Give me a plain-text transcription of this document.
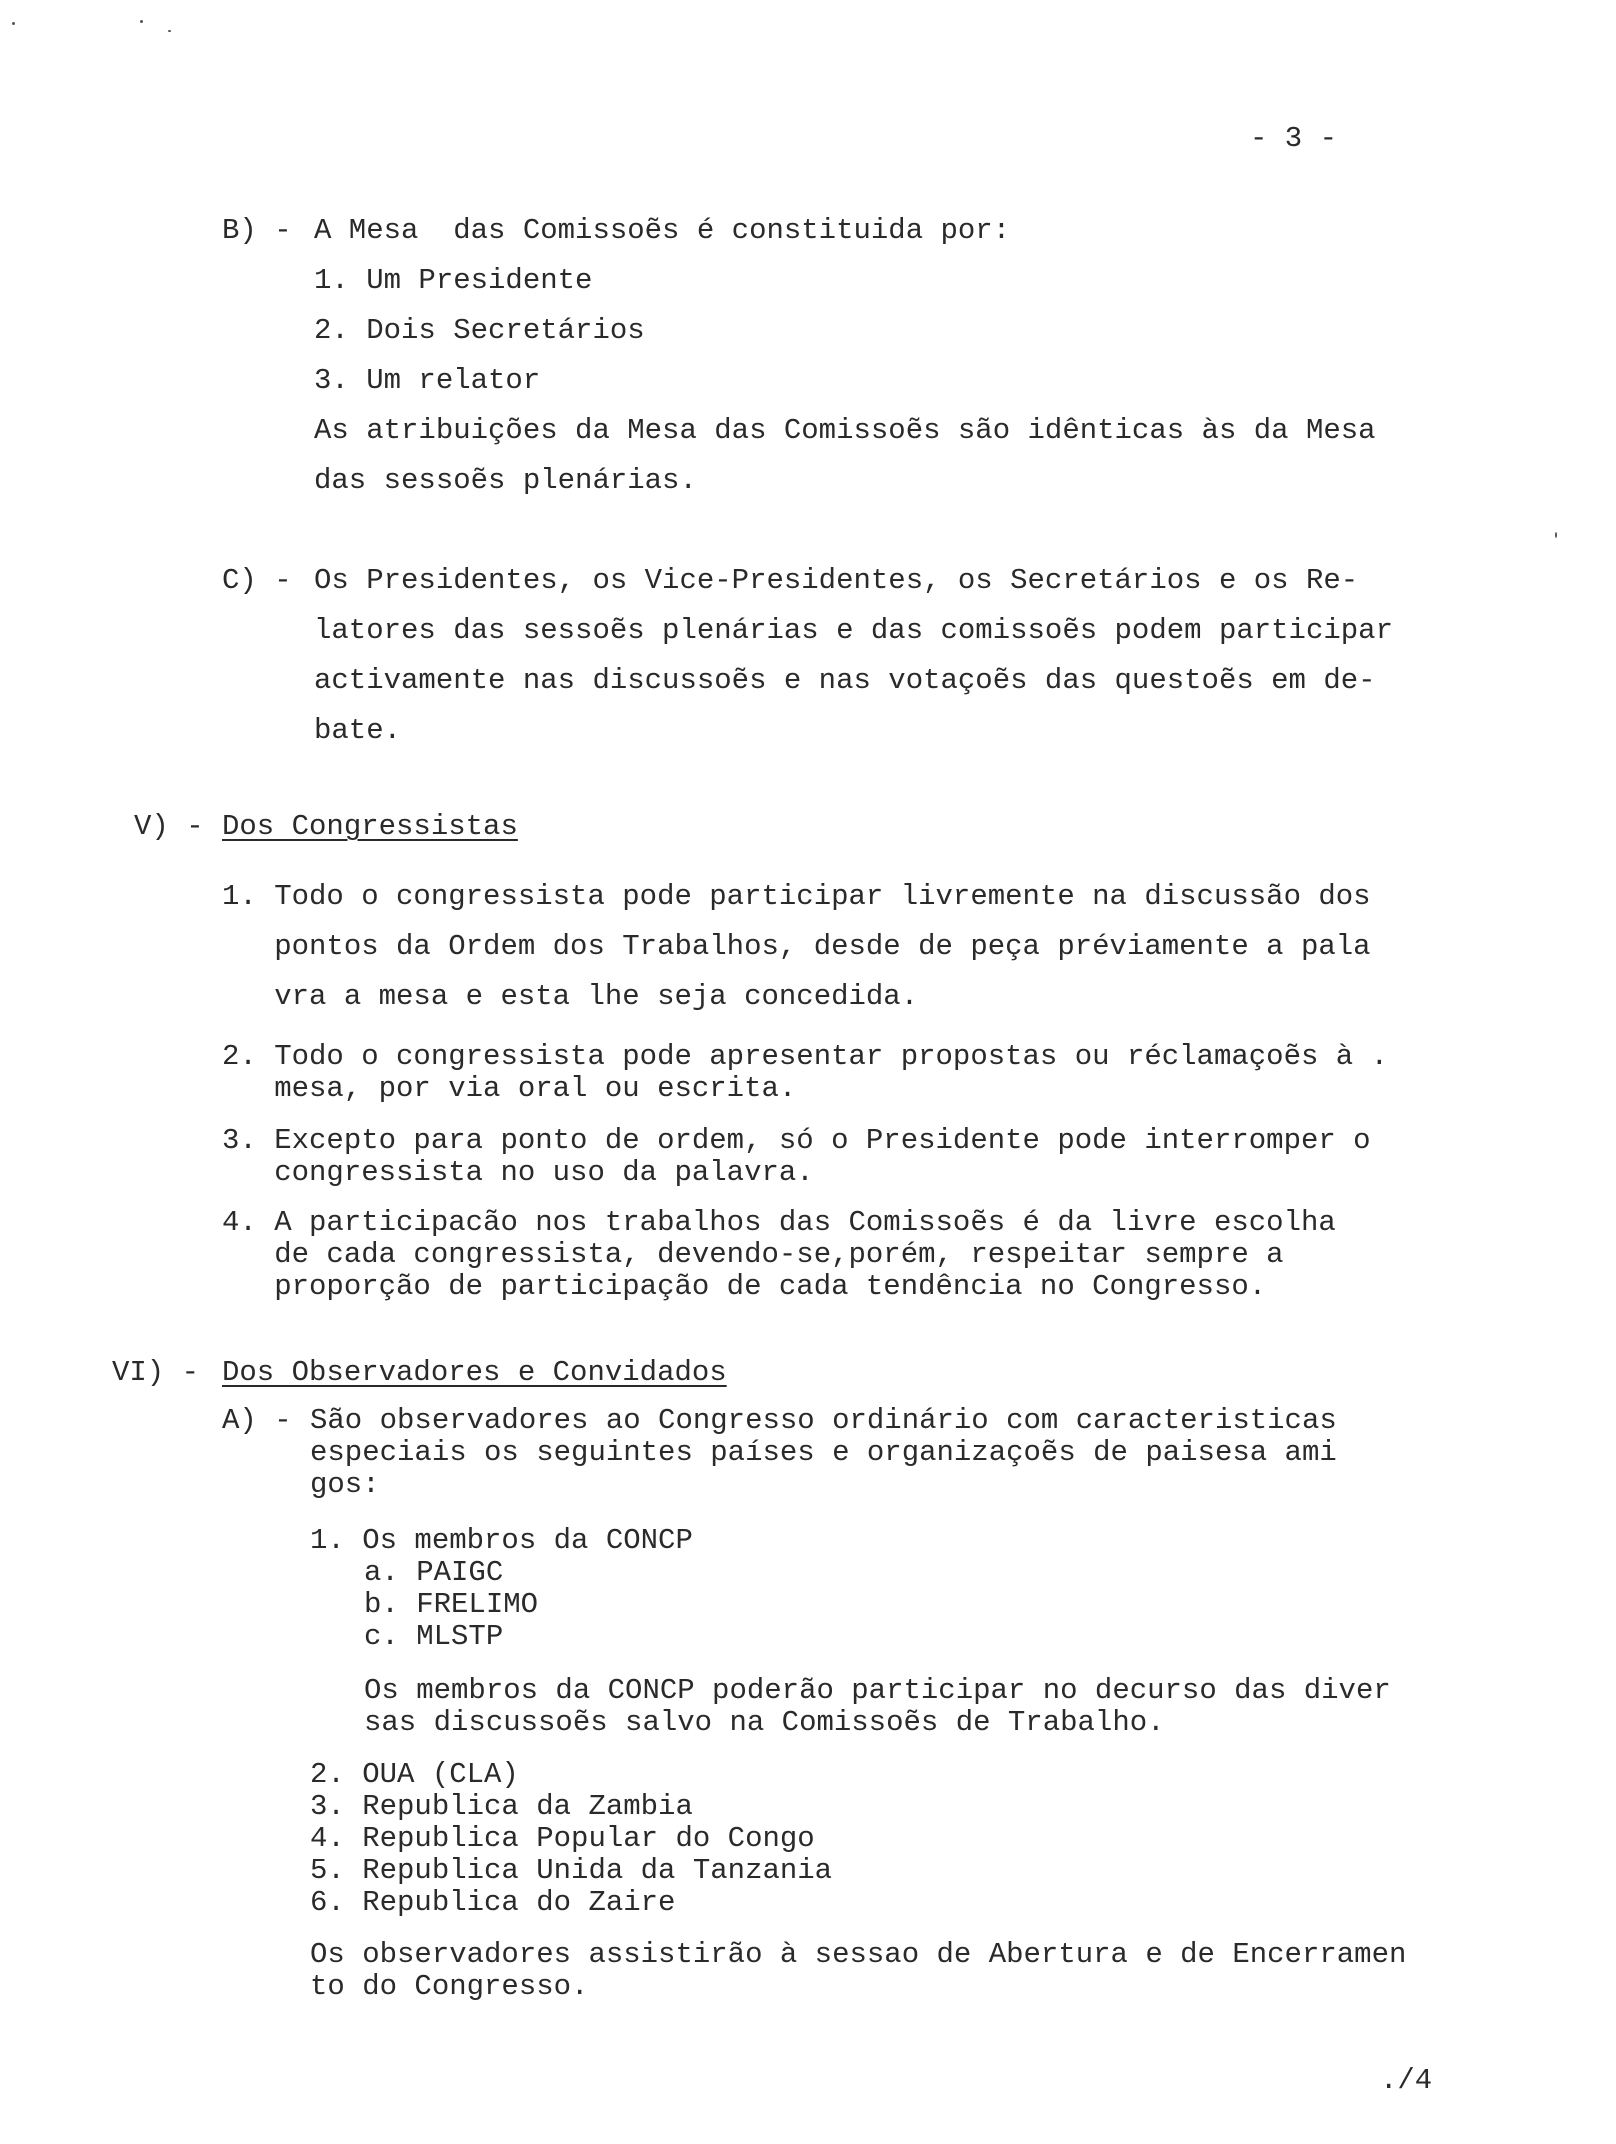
- 3 -
B) - A Mesa  das Comissoẽs é constituida por:
1. Um Presidente
2. Dois Secretários
3. Um relator
As atribuições da Mesa das Comissoẽs são idênticas às da Mesa
das sessoẽs plenárias.
C) - Os Presidentes, os Vice-Presidentes, os Secretários e os Re-
latores das sessoẽs plenárias e das comissoẽs podem participar
activamente nas discussoẽs e nas votaçoẽs das questoẽs em de-
bate.
V) - Dos Congressistas
1. Todo o congressista pode participar livremente na discussão dos
pontos da Ordem dos Trabalhos, desde de peça préviamente a pala
vra a mesa e esta lhe seja concedida.
2. Todo o congressista pode apresentar propostas ou réclamaçoẽs à .
mesa, por via oral ou escrita.
3. Excepto para ponto de ordem, só o Presidente pode interromper o
congressista no uso da palavra.
4. A participacão nos trabalhos das Comissoẽs é da livre escolha
de cada congressista, devendo-se,porém, respeitar sempre a
proporção de participação de cada tendência no Congresso.
VI) - Dos Observadores e Convidados
A) - São observadores ao Congresso ordinário com caracteristicas
especiais os seguintes países e organizaçoẽs de paisesa ami
gos:
1. Os membros da CONCP
a. PAIGC
b. FRELIMO
c. MLSTP
Os membros da CONCP poderão participar no decurso das diver
sas discussoẽs salvo na Comissoẽs de Trabalho.
2. OUA (CLA)
3. Republica da Zambia
4. Republica Popular do Congo
5. Republica Unida da Tanzania
6. Republica do Zaire
Os observadores assistirão à sessao de Abertura e de Encerramen
to do Congresso.
./4
